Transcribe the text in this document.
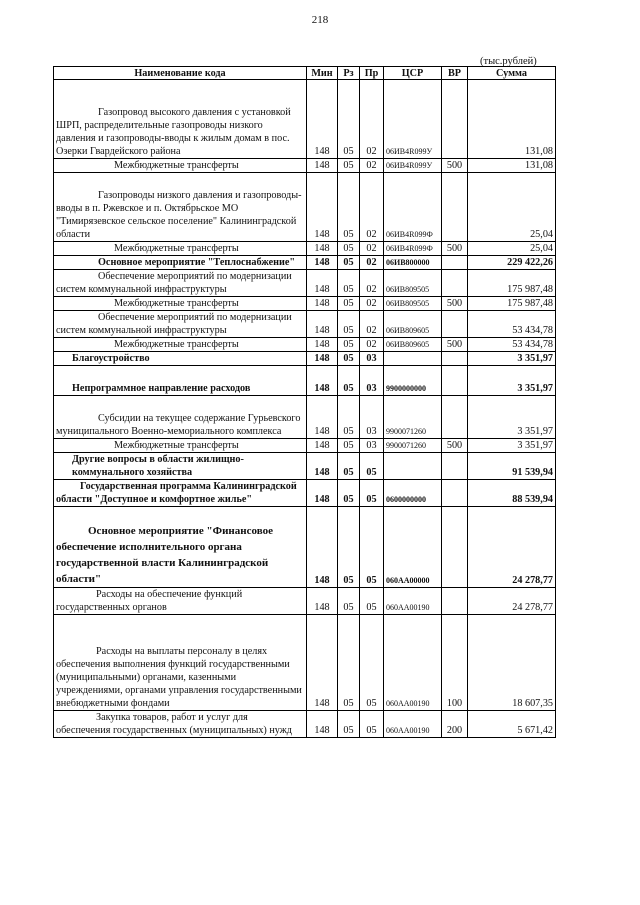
218
(тыс.рублей)
Наименование кода	Мин	Рз	Пр	ЦСР	ВР	Сумма
Газопровод высокого давления с установкой ШРП, распределительные газопроводы низкого давления и газопроводы-вводы к жилым домам в пос. Озерки Гвардейского района	148	05	02	06ИВ4R099У		131,08
Межбюджетные трансферты	148	05	02	06ИВ4R099У	500	131,08
Газопроводы низкого давления и газопроводы-вводы в п. Ржевское и п. Октябрьское МО "Тимирязевское сельское поселение" Калининградской области	148	05	02	06ИВ4R099Ф		25,04
Межбюджетные трансферты	148	05	02	06ИВ4R099Ф	500	25,04
Основное мероприятие "Теплоснабжение"	148	05	02	06ИВ800000		229 422,26
Обеспечение мероприятий по модернизации систем коммунальной инфраструктуры	148	05	02	06ИВ809505		175 987,48
Межбюджетные трансферты	148	05	02	06ИВ809505	500	175 987,48
Обеспечение мероприятий по модернизации систем коммунальной инфраструктуры	148	05	02	06ИВ809605		53 434,78
Межбюджетные трансферты	148	05	02	06ИВ809605	500	53 434,78
Благоустройство	148	05	03			3 351,97
Непрограммное направление расходов	148	05	03	9900000000		3 351,97
Субсидии на текущее содержание Гурьевского муниципального Военно-мемориального комплекса	148	05	03	9900071260		3 351,97
Межбюджетные трансферты	148	05	03	9900071260	500	3 351,97
Другие вопросы в области жилищно-коммунального хозяйства	148	05	05			91 539,94
Государственная программа Калининградской области "Доступное и комфортное жилье"	148	05	05	0600000000		88 539,94
Основное мероприятие "Финансовое обеспечение исполнительного органа государственной власти Калининградской области"	148	05	05	060АА00000		24 278,77
Расходы на обеспечение функций государственных органов	148	05	05	060АА00190		24 278,77
Расходы на выплаты персоналу в целях обеспечения выполнения функций государственными (муниципальными) органами, казенными учреждениями, органами управления государственными внебюджетными фондами	148	05	05	060АА00190	100	18 607,35
Закупка товаров, работ и услуг для обеспечения государственных (муниципальных) нужд	148	05	05	060АА00190	200	5 671,42
